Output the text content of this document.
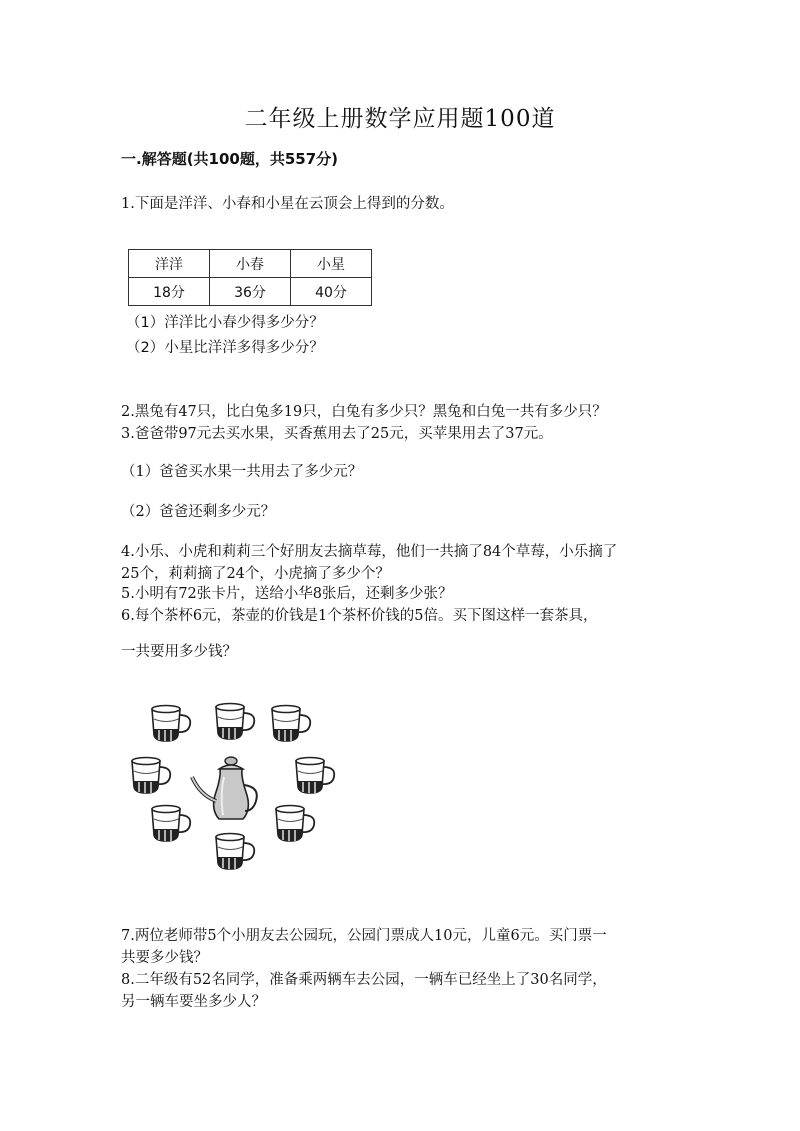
二年级上册数学应用题100道
一.解答题(共100题，共557分)
1.下面是洋洋、小春和小星在云顶会上得到的分数。
洋洋	小春	小星
18分	36分	40分
（1）洋洋比小春少得多少分？
（2）小星比洋洋多得多少分？
2.黑兔有47只，比白兔多19只，白兔有多少只？黑兔和白兔一共有多少只？
3.爸爸带97元去买水果，买香蕉用去了25元，买苹果用去了37元。
（1）爸爸买水果一共用去了多少元？
（2）爸爸还剩多少元？
4.小乐、小虎和莉莉三个好朋友去摘草莓，他们一共摘了84个草莓，小乐摘了
25个，莉莉摘了24个，小虎摘了多少个？
5.小明有72张卡片，送给小华8张后，还剩多少张？
6.每个茶杯6元，茶壶的价钱是1个茶杯价钱的5倍。买下图这样一套茶具，
一共要用多少钱？
7.两位老师带5个小朋友去公园玩，公园门票成人10元，儿童6元。买门票一
共要多少钱？
8.二年级有52名同学，准备乘两辆车去公园，一辆车已经坐上了30名同学，
另一辆车要坐多少人？
